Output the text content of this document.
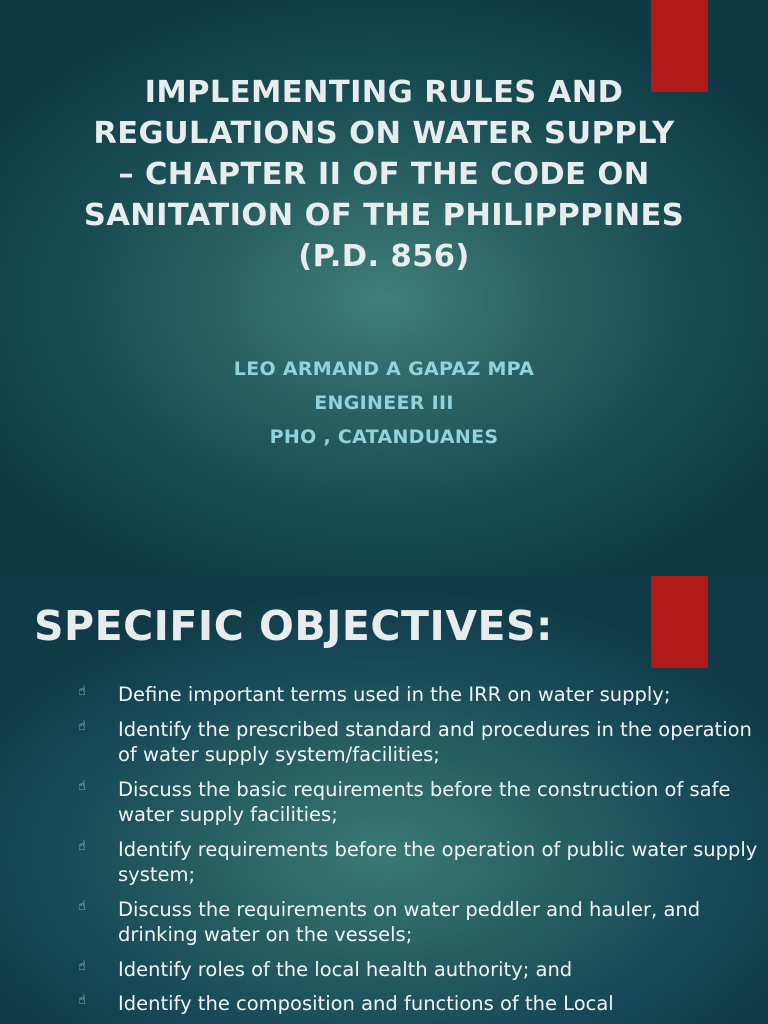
IMPLEMENTING RULES AND
REGULATIONS ON WATER SUPPLY
– CHAPTER II OF THE CODE ON
SANITATION OF THE PHILIPPPINES
(P.D. 856)
LEO ARMAND A GAPAZ MPA
ENGINEER III
PHO , CATANDUANES
SPECIFIC OBJECTIVES:
☝ Define important terms used in the IRR on water supply;
☝ Identify the prescribed standard and procedures in the operation of water supply system/facilities;
☝ Discuss the basic requirements before the construction of safe water supply facilities;
☝ Identify requirements before the operation of public water supply system;
☝ Discuss the requirements on water peddler and hauler, and drinking water on the vessels;
☝ Identify roles of the local health authority; and
☝ Identify the composition and functions of the Local
